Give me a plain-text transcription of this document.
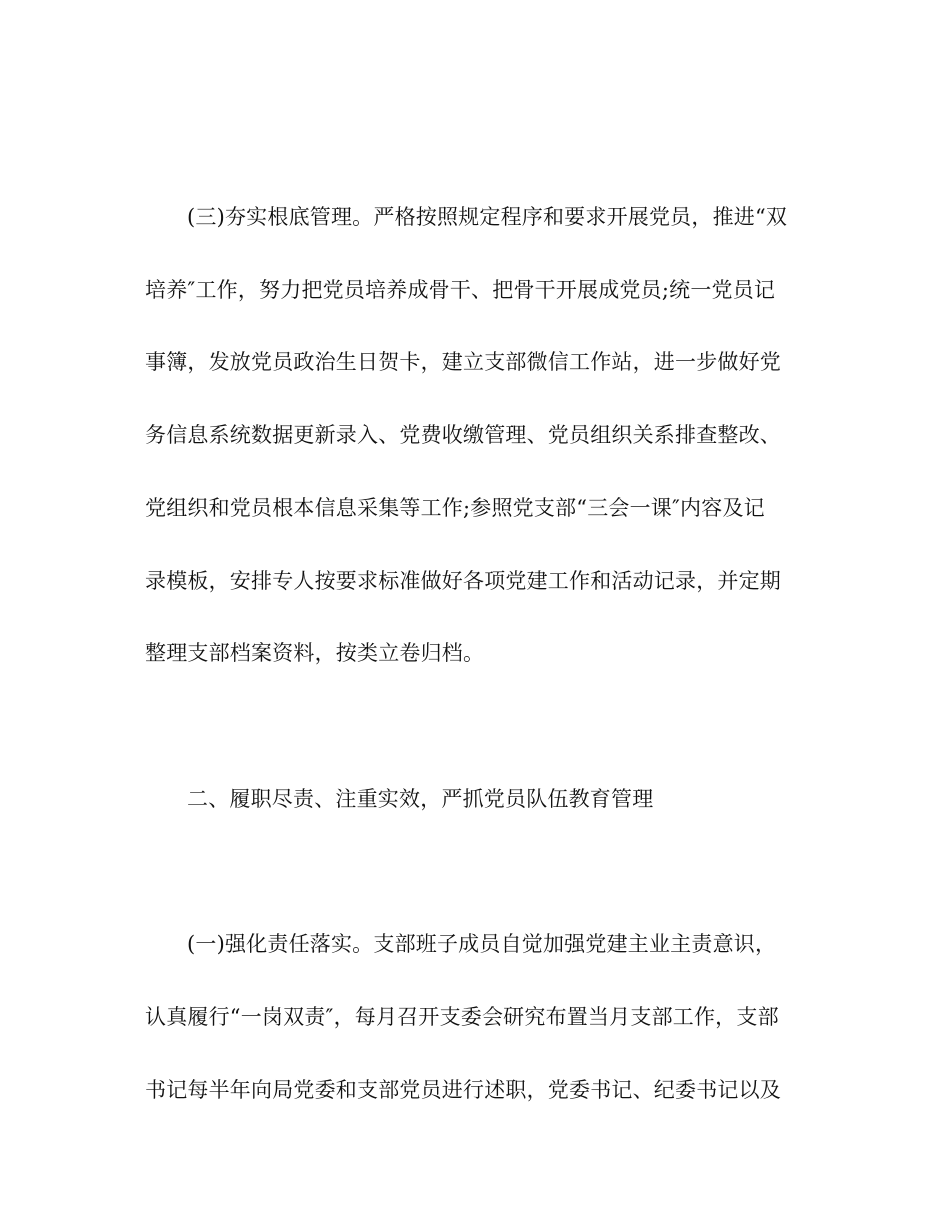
(三)夯实根底管理。严格按照规定程序和要求开展党员，推进“双
培养″工作，努力把党员培养成骨干、把骨干开展成党员;统一党员记
事簿，发放党员政治生日贺卡，建立支部微信工作站，进一步做好党
务信息系统数据更新录入、党费收缴管理、党员组织关系排查整改、
党组织和党员根本信息采集等工作;参照党支部“三会一课″内容及记
录模板，安排专人按要求标准做好各项党建工作和活动记录，并定期
整理支部档案资料，按类立卷归档。
二、履职尽责、注重实效，严抓党员队伍教育管理
(一)强化责任落实。支部班子成员自觉加强党建主业主责意识，
认真履行“一岗双责″，每月召开支委会研究布置当月支部工作，支部
书记每半年向局党委和支部党员进行述职，党委书记、纪委书记以及
